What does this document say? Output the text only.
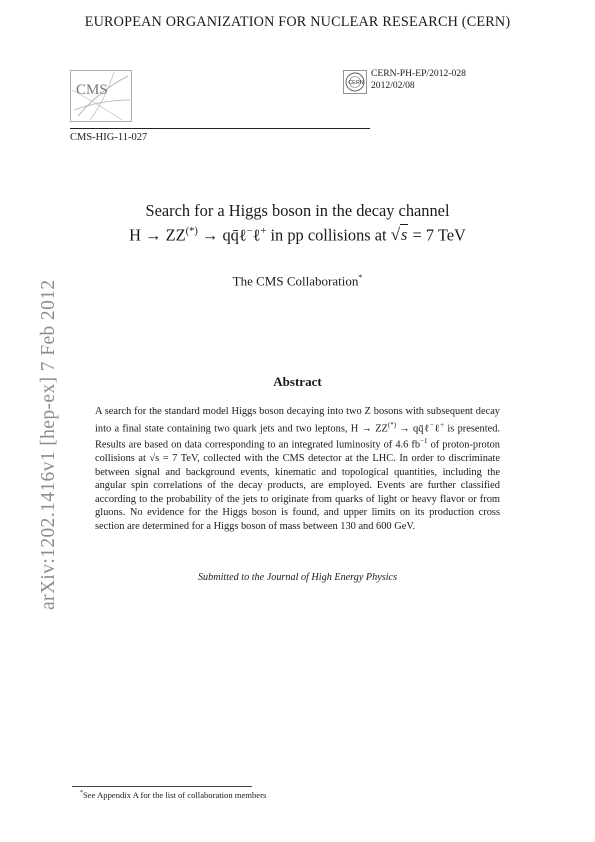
EUROPEAN ORGANIZATION FOR NUCLEAR RESEARCH (CERN)
CMS
CMS-HIG-11-027
CERN
CERN-PH-EP/2012-028
2012/02/08
arXiv:1202.1416v1 [hep-ex] 7 Feb 2012
Search for a Higgs boson in the decay channel
H → ZZ(*) → qq̄ℓ−ℓ+ in pp collisions at √s = 7 TeV
The CMS Collaboration*
Abstract
A search for the standard model Higgs boson decaying into two Z bosons with subsequent decay into a final state containing two quark jets and two leptons, H → ZZ(*) → qq̄ℓ−ℓ+ is presented. Results are based on data corresponding to an integrated luminosity of 4.6 $fb^{-1}$ of proton-proton collisions at √s = 7 TeV, collected with the CMS detector at the LHC. In order to discriminate between signal and background events, kinematic and topological quantities, including the angular spin correlations of the decay products, are employed. Events are further classified according to the probability of the jets to originate from quarks of light or heavy flavor or from gluons. No evidence for the Higgs boson is found, and upper limits on its production cross section are determined for a Higgs boson of mass between 130 and 600 GeV.
Submitted to the Journal of High Energy Physics
*See Appendix A for the list of collaboration members
